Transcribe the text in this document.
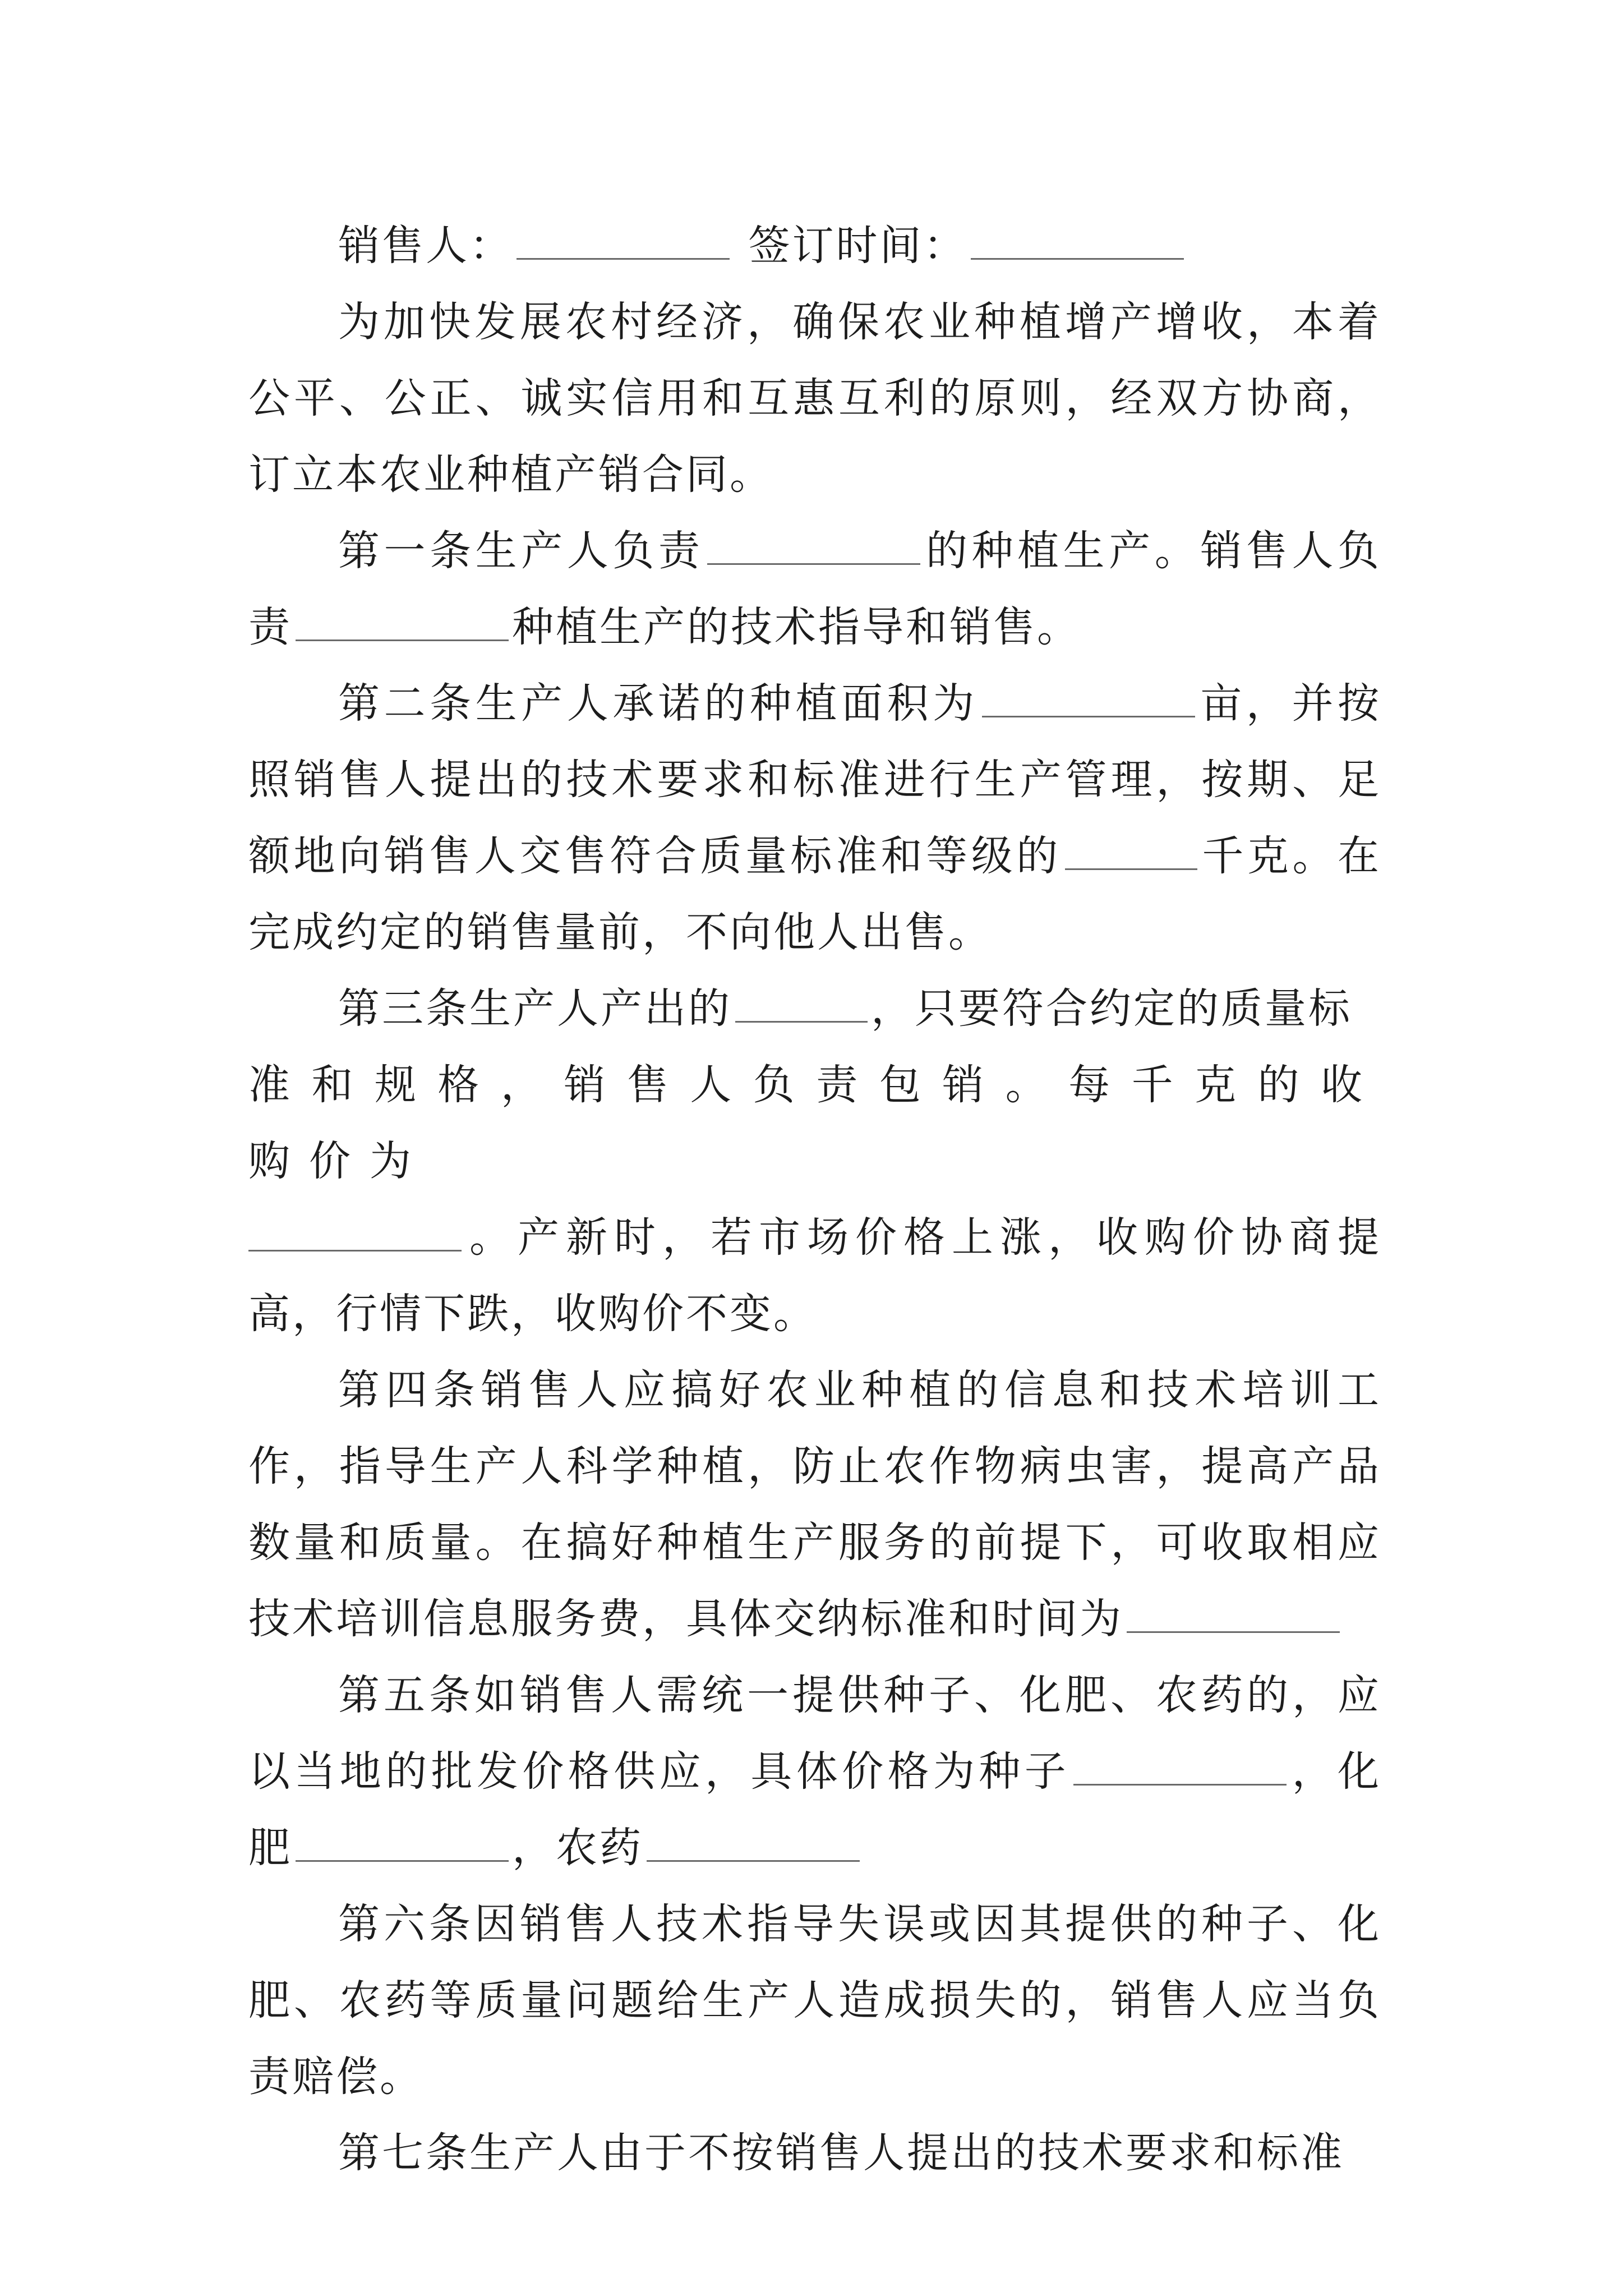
销售人：	签订时间：

为加快发展农村经济，确保农业种植增产增收，本着公平、公正、诚实信用和互惠互利的原则，经双方协商，订立本农业种植产销合同。

第一条生产人负责	的种植生产。销售人负责	种植生产的技术指导和销售。

第二条生产人承诺的种植面积为	亩，并按照销售人提出的技术要求和标准进行生产管理，按期、足额地向销售人交售符合质量标准和等级的	千克。在完成约定的销售量前，不向他人出售。

第三条生产人产出的	，只要符合约定的质量标

准和规格，销售人负责包销。每千克的收购价为

。产新时，若市场价格上涨，收购价协商提高，行情下跌，收购价不变。

第四条销售人应搞好农业种植的信息和技术培训工作，指导生产人科学种植，防止农作物病虫害，提高产品数量和质量。在搞好种植生产服务的前提下，可收取相应技术培训信息服务费，具体交纳标准和时间为

第五条如销售人需统一提供种子、化肥、农药的，应以当地的批发价格供应，具体价格为种子	，化肥	，农药

第六条因销售人技术指导失误或因其提供的种子、化肥、农药等质量问题给生产人造成损失的，销售人应当负责赔偿。

第七条生产人由于不按销售人提出的技术要求和标准
